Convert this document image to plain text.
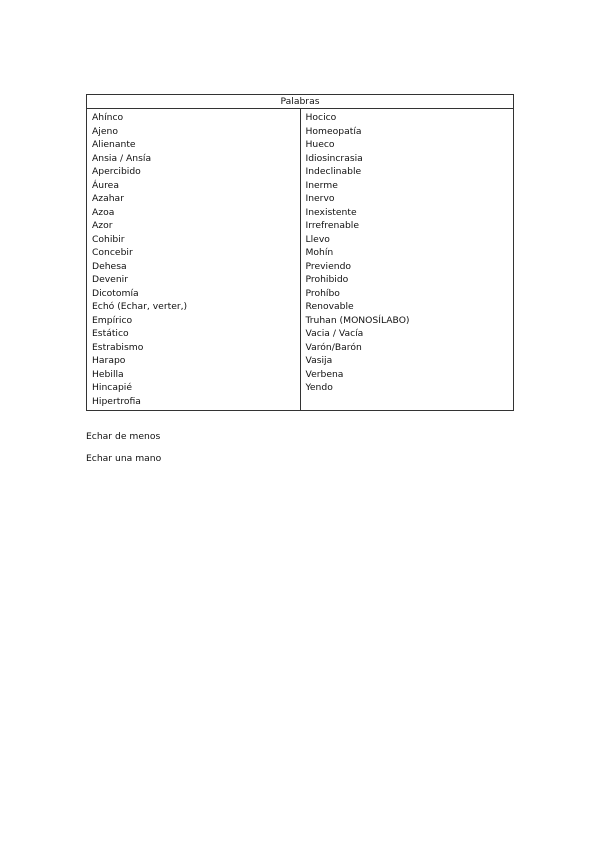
Palabras

Ahínco
Ajeno
Alienante
Ansia / Ansía
Apercibido
Áurea
Azahar
Azoa
Azor
Cohibir
Concebir
Dehesa
Devenir
Dicotomía
Echó (Echar, verter,)
Empírico
Estático
Estrabismo
Harapo
Hebilla
Hincapié
Hipertrofia

Hocico
Homeopatía
Hueco
Idiosincrasia
Indeclinable
Inerme
Inervo
Inexistente
Irrefrenable
Llevo
Mohín
Previendo
Prohibido
Prohíbo
Renovable
Truhan (MONOSÍLABO)
Vacia / Vacía
Varón/Barón
Vasija
Verbena
Yendo
Echar de menos
Echar una mano
